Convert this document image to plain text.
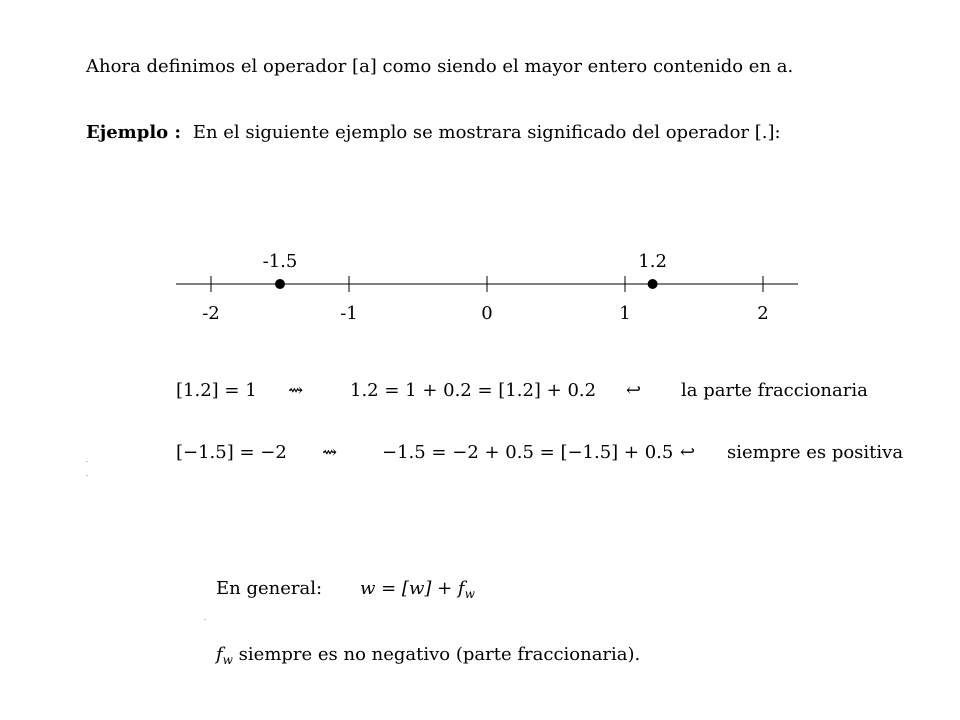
Ahora definimos el operador [a] como siendo el mayor entero contenido en a.
Ejemplo : En el siguiente ejemplo se mostrara significado del operador [.]:
-2	-1	0	1	2
-1.5	1.2
[1.2] = 1 ⇝	1.2 = 1 + 0.2 = [1.2] + 0.2 ↩ la parte fraccionaria
[−1.5] = −2 ⇝ −1.5 = −2 + 0.5 = [−1.5] + 0.5 ↩ siempre es positiva
.
.
En general: $w = [w] + f_w$
.
$f_w$ siempre es no negativo (parte fraccionaria).
